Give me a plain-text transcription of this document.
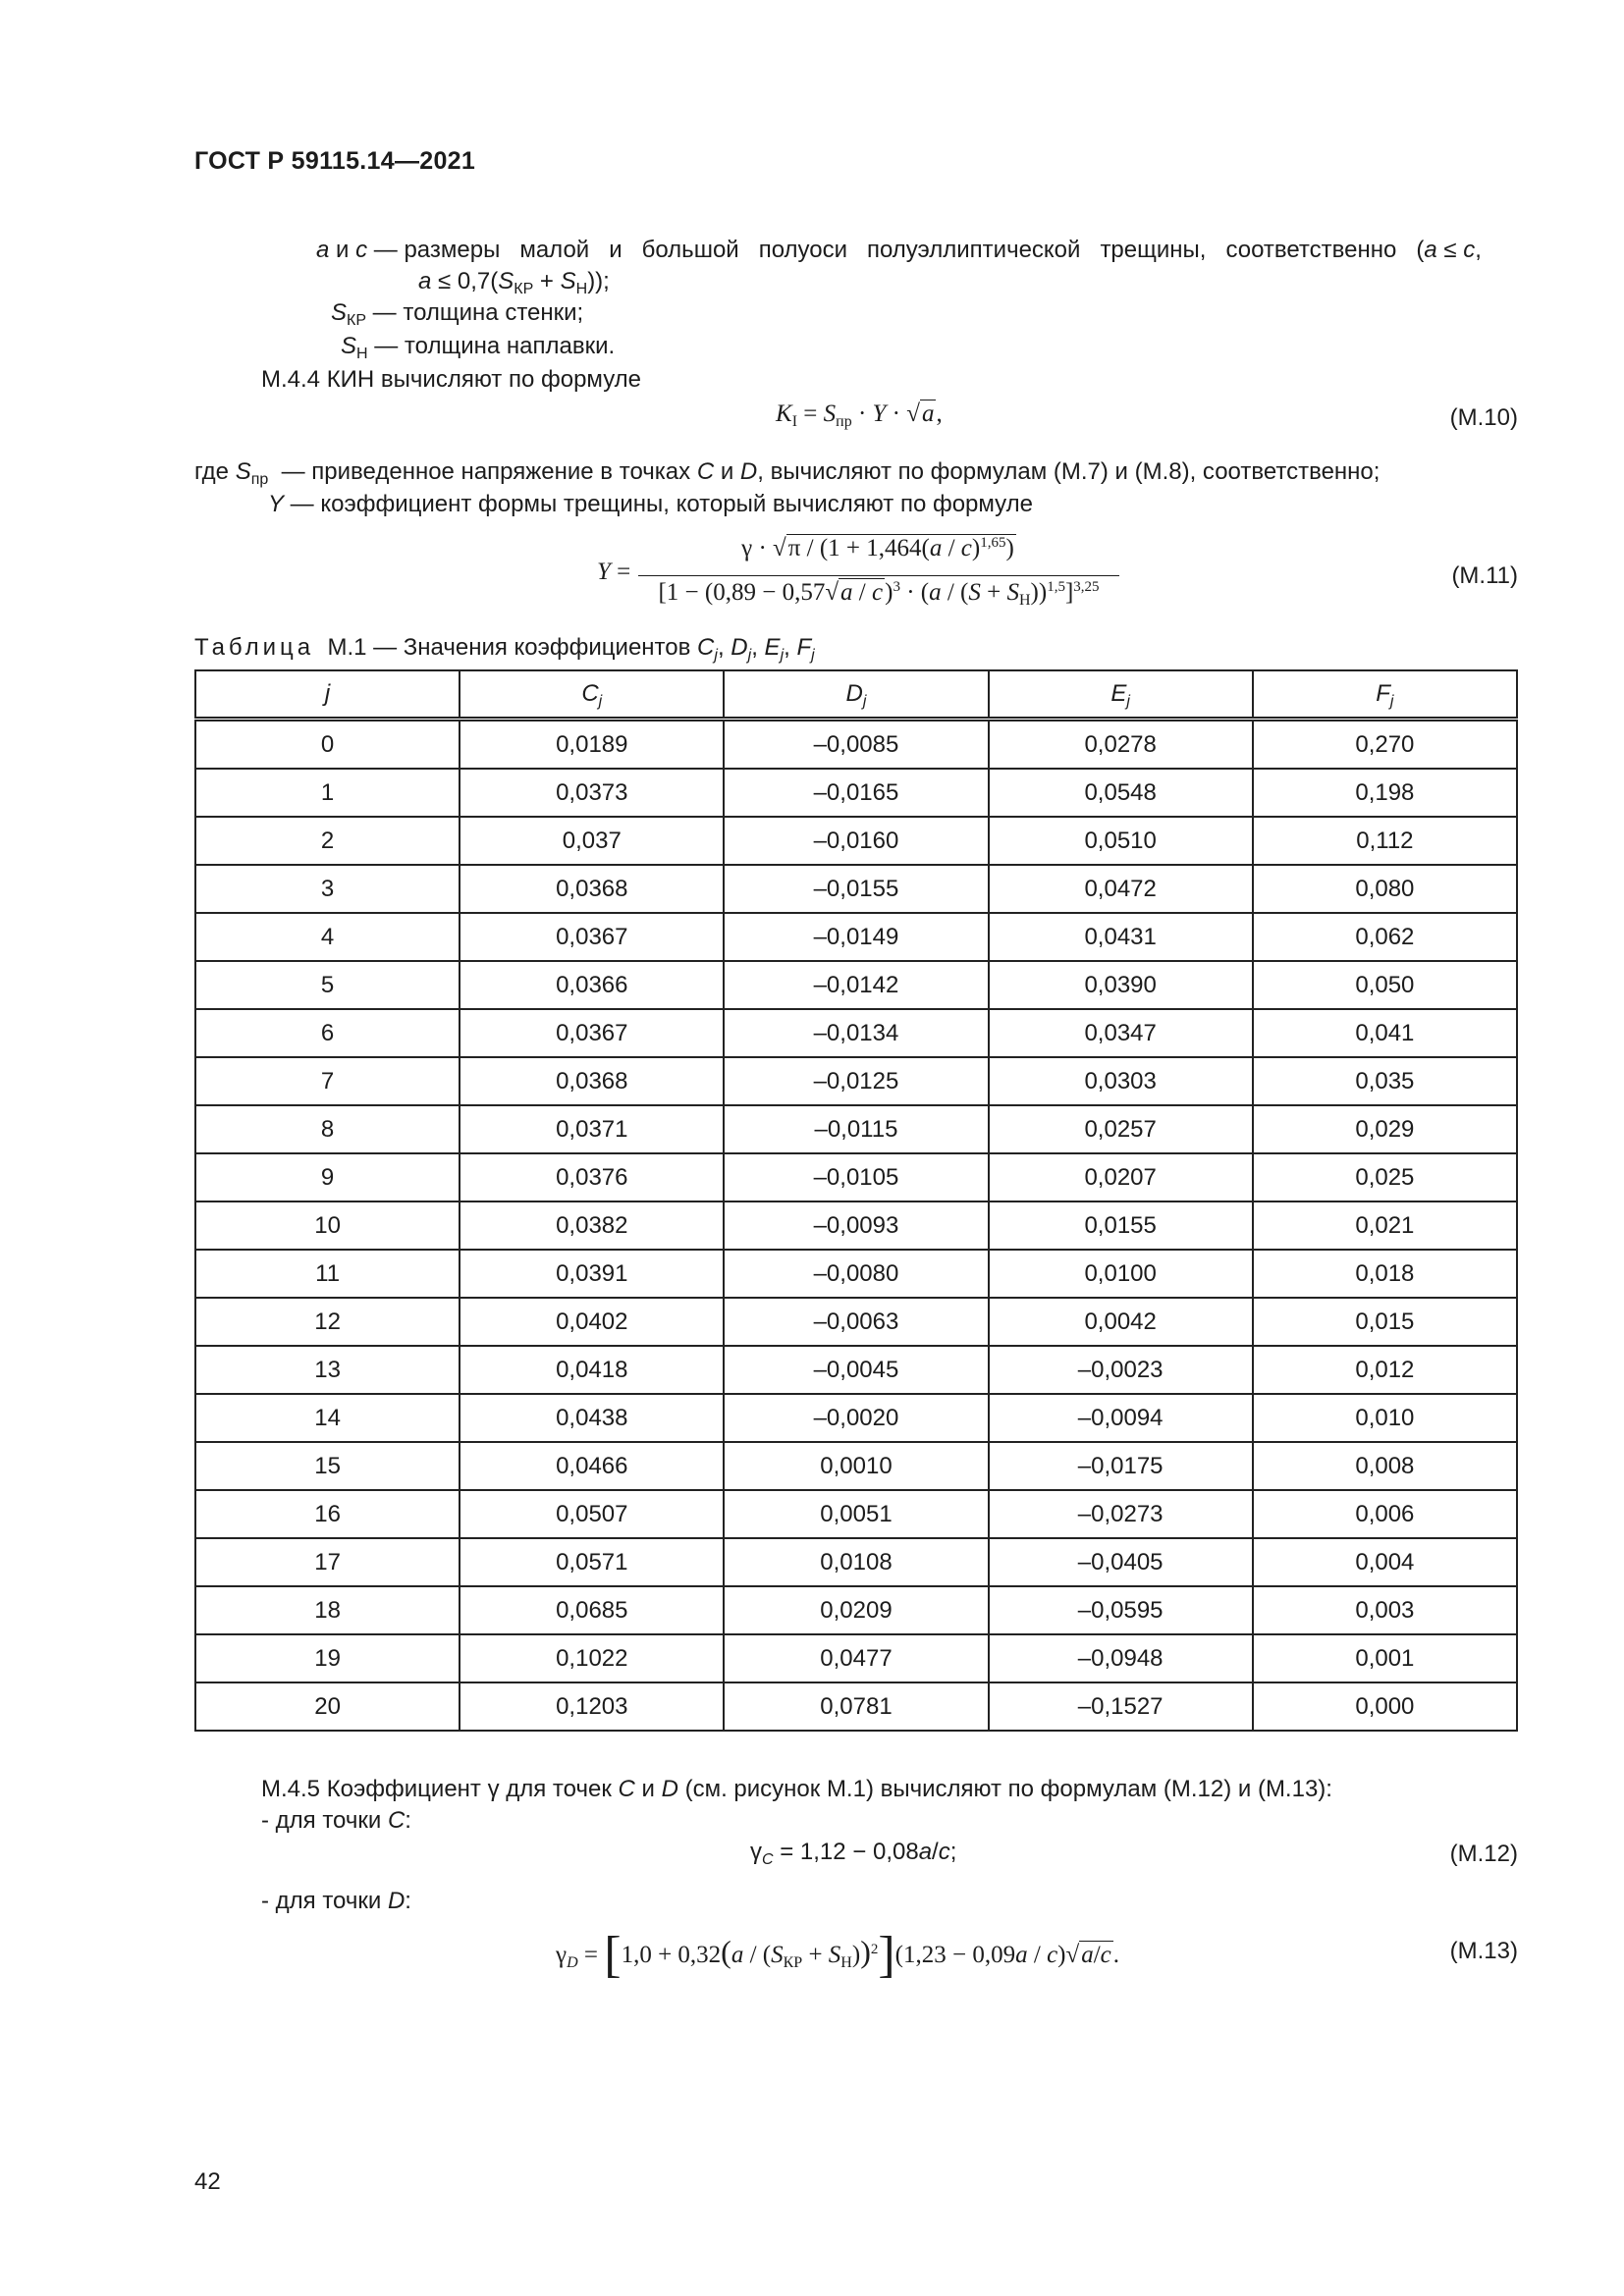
ГОСТ Р 59115.14—2021
а и с — размеры   малой   и   большой   полуоси   полуэллиптической   трещины,   соответственно   (а ≤ с,
$а \le 0,7(S_{КР} + S_Н)$);
$S_{КР}$ — толщина стенки;
$S_Н$ — толщина наплавки.
М.4.4 КИН вычисляют по формуле
$K_I = S_{пр} \cdot Y \cdot √a$,	(М.10)
где $S_{пр}$  — приведенное напряжение в точках C и D, вычисляют по формулам (М.7) и (М.8), соответственно;
Y — коэффициент формы трещины, который вычисляют по формуле
Y =
γ · √π / (1 + 1,464(a / c)$^{1,65}$)
$[1 - (0,89 - 0,57√a / c)^3 \cdot (a / (S + S_Н))^{1,5}]^{3,25}$	(М.11)
Таблица  М.1 — Значения коэффициентов $C_j$, $D_j$, $E_j$, $F_j$
j	$C_j$	$D_j$	$E_j$	$F_j$
0	0,0189	–0,0085	0,0278	0,270
1	0,0373	–0,0165	0,0548	0,198
2	0,037	–0,0160	0,0510	0,112
3	0,0368	–0,0155	0,0472	0,080
4	0,0367	–0,0149	0,0431	0,062
5	0,0366	–0,0142	0,0390	0,050
6	0,0367	–0,0134	0,0347	0,041
7	0,0368	–0,0125	0,0303	0,035
8	0,0371	–0,0115	0,0257	0,029
9	0,0376	–0,0105	0,0207	0,025
10	0,0382	–0,0093	0,0155	0,021
11	0,0391	–0,0080	0,0100	0,018
12	0,0402	–0,0063	0,0042	0,015
13	0,0418	–0,0045	–0,0023	0,012
14	0,0438	–0,0020	–0,0094	0,010
15	0,0466	0,0010	–0,0175	0,008
16	0,0507	0,0051	–0,0273	0,006
17	0,0571	0,0108	–0,0405	0,004
18	0,0685	0,0209	–0,0595	0,003
19	0,1022	0,0477	–0,0948	0,001
20	0,1203	0,0781	–0,1527	0,000
М.4.5 Коэффициент γ для точек C и D (см. рисунок М.1) вычисляют по формулам (М.12) и (М.13):
- для точки C:
$\gamma_C = 1,12 - 0,08a/c$;	(М.12)
- для точки D:
$\gamma_D = [1,0 + 0,32(a / (S_{КР} + S_Н))^2](1,23 - 0,09a / c)√a/c$.	(М.13)
42
